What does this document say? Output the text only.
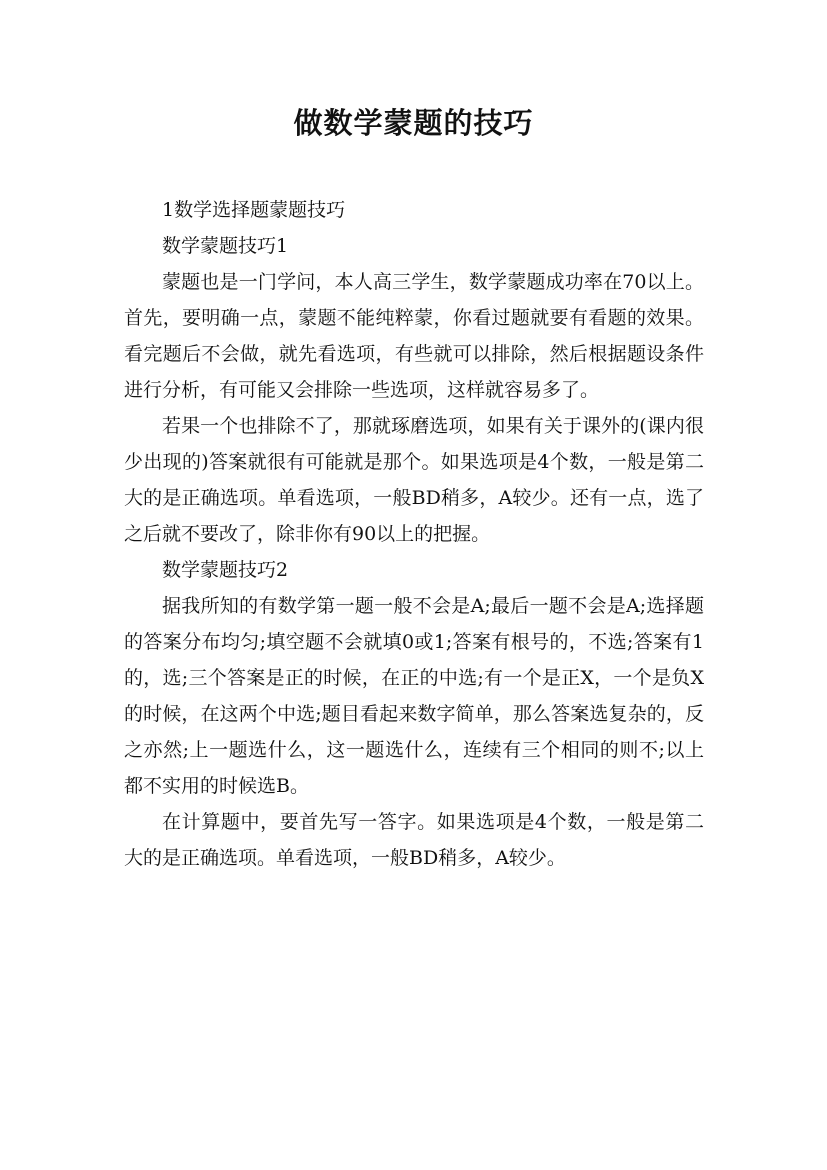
做数学蒙题的技巧

1数学选择题蒙题技巧

数学蒙题技巧1

蒙题也是一门学问，本人高三学生，数学蒙题成功率在70以上。首先，要明确一点，蒙题不能纯粹蒙，你看过题就要有看题的效果。看完题后不会做，就先看选项，有些就可以排除，然后根据题设条件进行分析，有可能又会排除一些选项，这样就容易多了。

若果一个也排除不了，那就琢磨选项，如果有关于课外的(课内很少出现的)答案就很有可能就是那个。如果选项是4个数，一般是第二大的是正确选项。单看选项，一般BD稍多，A较少。还有一点，选了之后就不要改了，除非你有90以上的把握。

数学蒙题技巧2

据我所知的有数学第一题一般不会是A;最后一题不会是A;选择题的答案分布均匀;填空题不会就填0或1;答案有根号的，不选;答案有1的，选;三个答案是正的时候，在正的中选;有一个是正X，一个是负X的时候，在这两个中选;题目看起来数字简单，那么答案选复杂的，反之亦然;上一题选什么，这一题选什么，连续有三个相同的则不;以上都不实用的时候选B。

在计算题中，要首先写一答字。如果选项是4个数，一般是第二大的是正确选项。单看选项，一般BD稍多，A较少。
